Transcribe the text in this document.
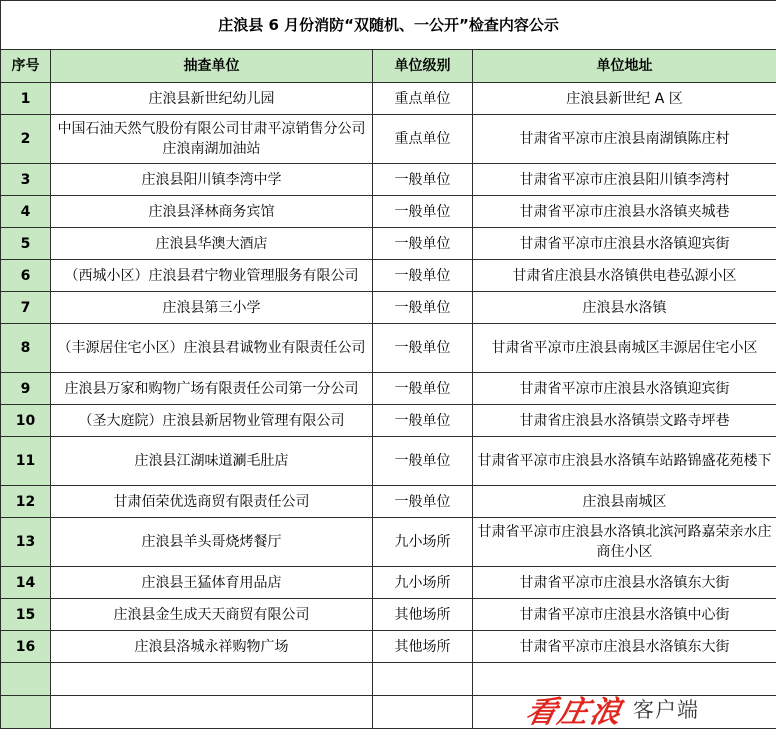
庄浪县 6 月份消防“双随机、一公开”检查内容公示			
序号	抽查单位	单位级别	单位地址
1	庄浪县新世纪幼儿园	重点单位	庄浪县新世纪 A 区
2	中国石油天然气股份有限公司甘肃平凉销售分公司庄浪南湖加油站	重点单位	甘肃省平凉市庄浪县南湖镇陈庄村
3	庄浪县阳川镇李湾中学	一般单位	甘肃省平凉市庄浪县阳川镇李湾村
4	庄浪县泽林商务宾馆	一般单位	甘肃省平凉市庄浪县水洛镇夹城巷
5	庄浪县华澳大酒店	一般单位	甘肃省平凉市庄浪县水洛镇迎宾街
6	（西城小区）庄浪县君宁物业管理服务有限公司	一般单位	甘肃省庄浪县水洛镇供电巷弘源小区
7	庄浪县第三小学	一般单位	庄浪县水洛镇
8	（丰源居住宅小区）庄浪县君诚物业有限责任公司	一般单位	甘肃省平凉市庄浪县南城区丰源居住宅小区
9	庄浪县万家和购物广场有限责任公司第一分公司	一般单位	甘肃省平凉市庄浪县水洛镇迎宾街
10	（圣大庭院）庄浪县新居物业管理有限公司	一般单位	甘肃省庄浪县水洛镇崇文路寺坪巷
11	庄浪县江湖味道涮毛肚店	一般单位	甘肃省平凉市庄浪县水洛镇车站路锦盛花苑楼下
12	甘肃佰荣优选商贸有限责任公司	一般单位	庄浪县南城区
13	庄浪县羊头哥烧烤餐厅	九小场所	甘肃省平凉市庄浪县水洛镇北滨河路嘉荣亲水庄商住小区
14	庄浪县王猛体育用品店	九小场所	甘肃省平凉市庄浪县水洛镇东大街
15	庄浪县金生成天天商贸有限公司	其他场所	甘肃省平凉市庄浪县水洛镇中心街
16	庄浪县洛城永祥购物广场	其他场所	甘肃省平凉市庄浪县水洛镇东大街

看庄浪 客户端
